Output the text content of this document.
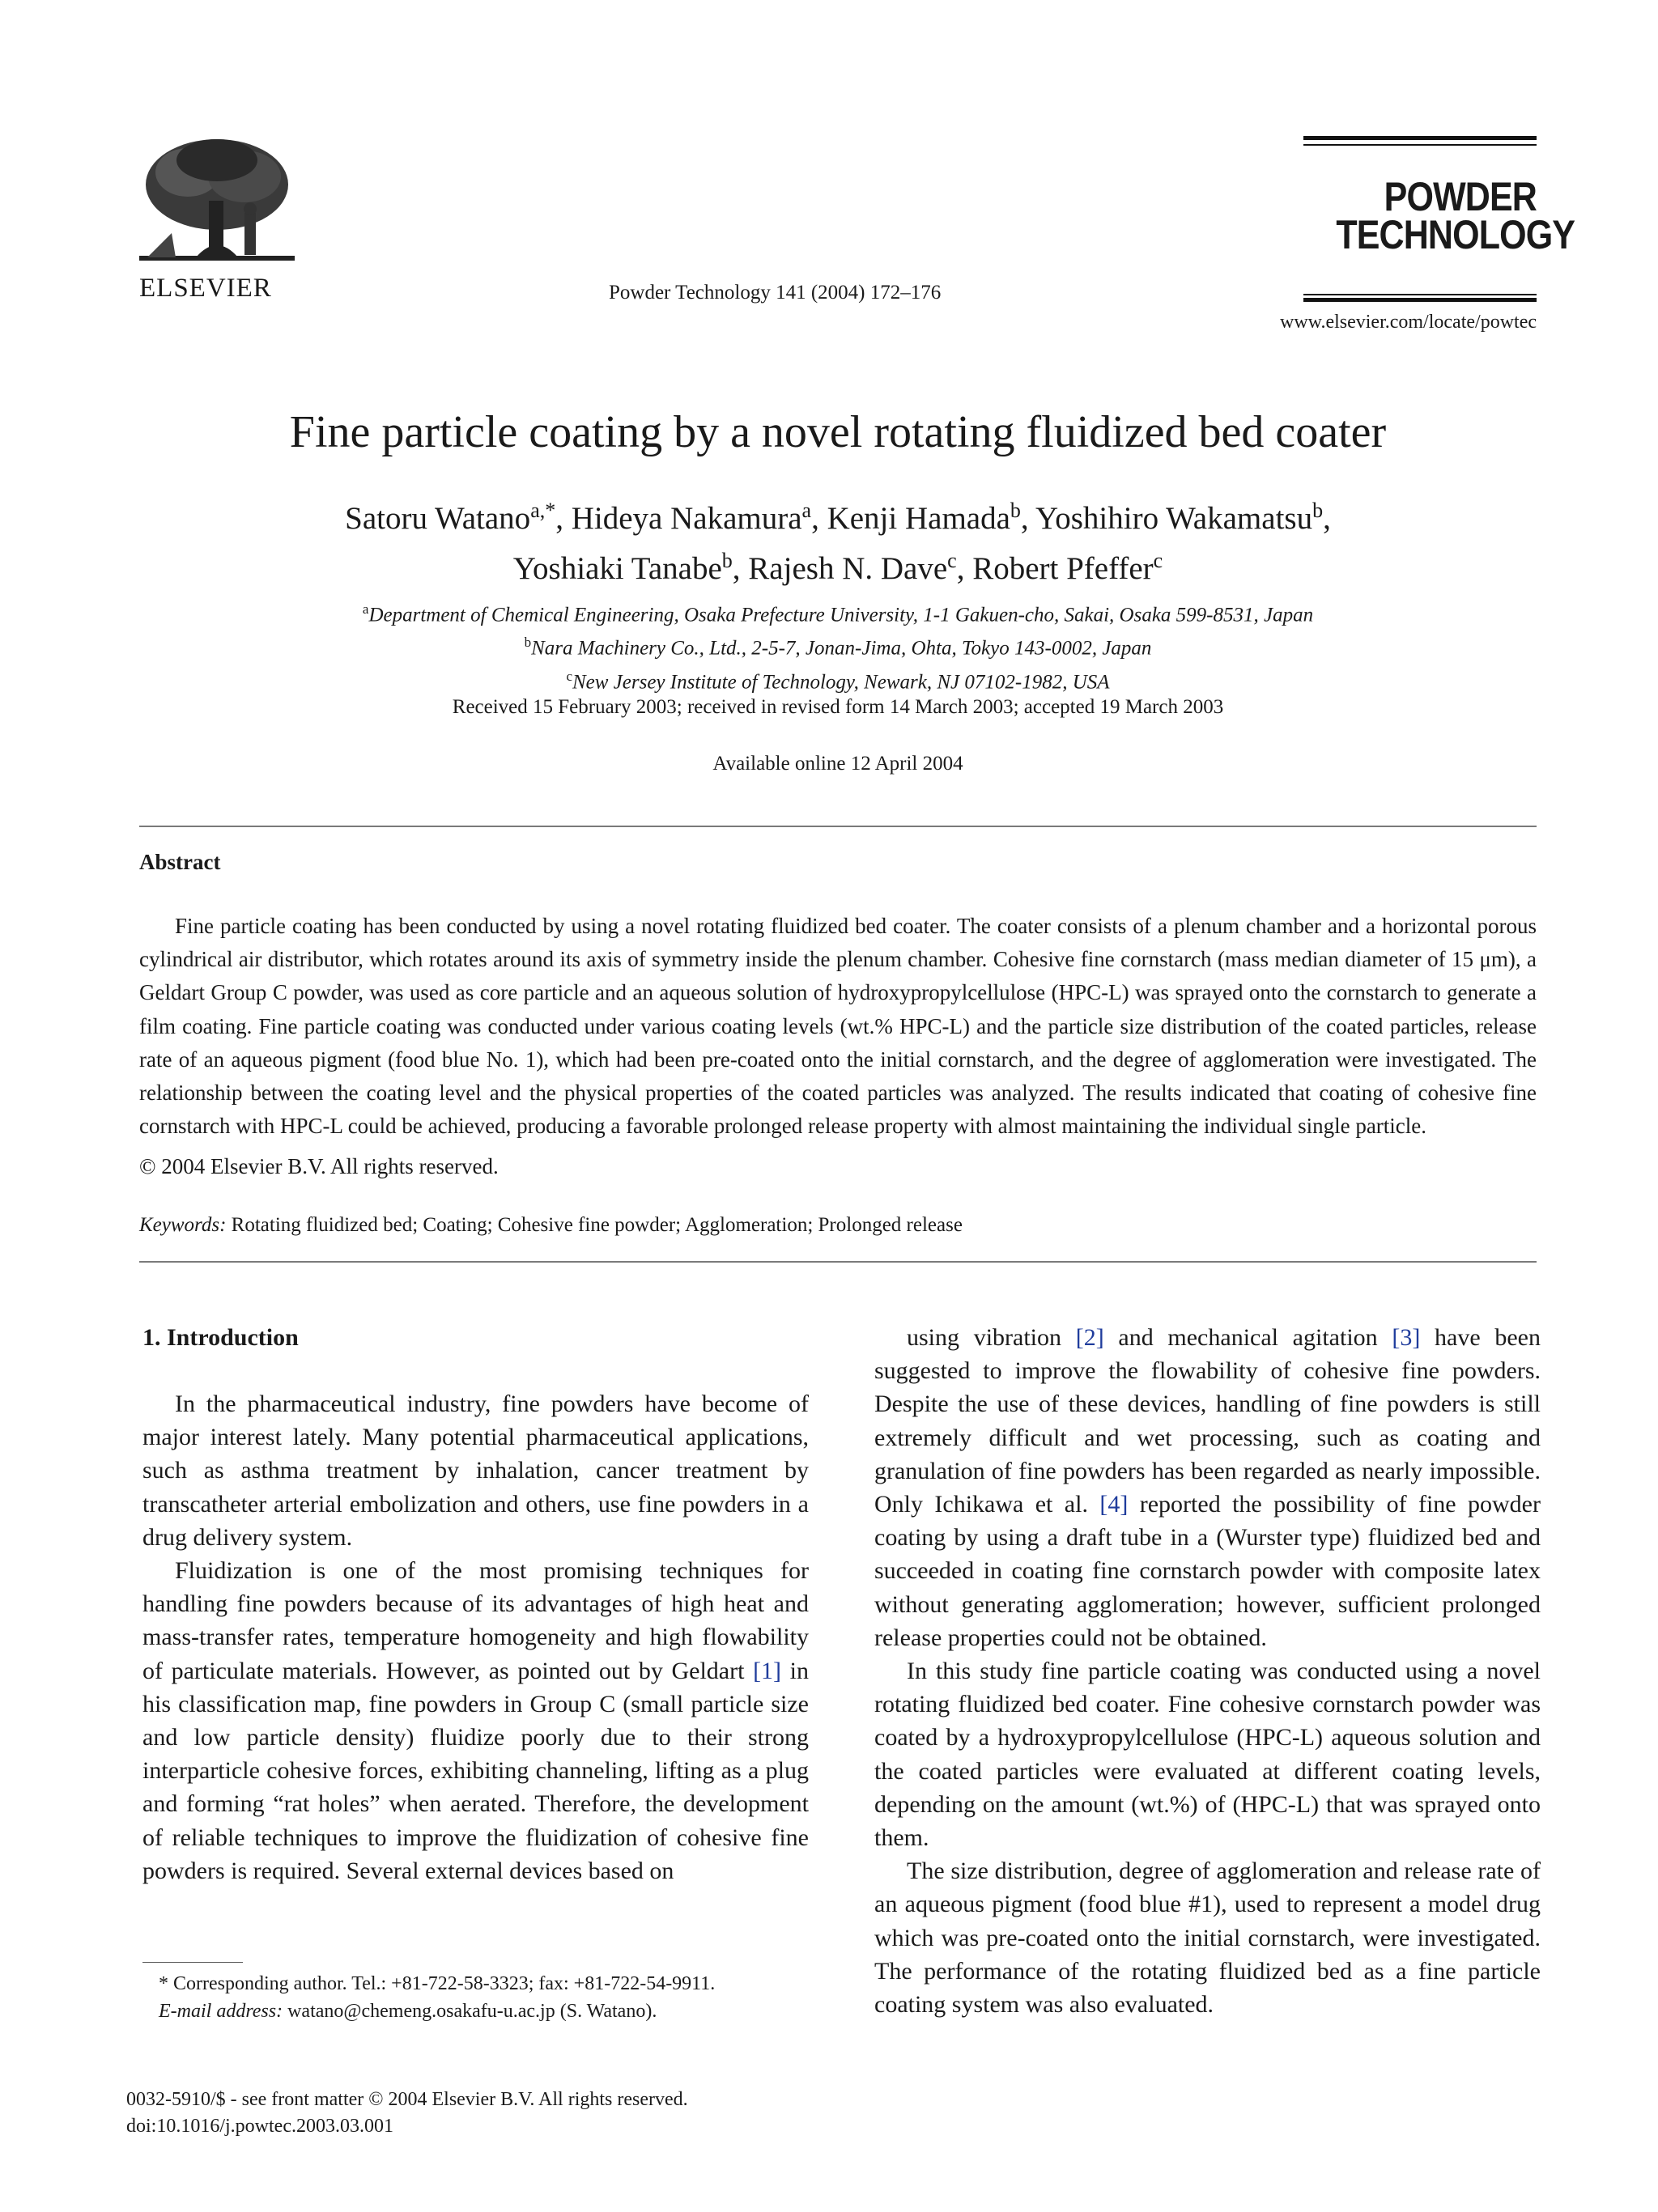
ELSEVIER	Powder Technology 141 (2004) 172–176
POWDER
TECHNOLOGY
www.elsevier.com/locate/powtec
Fine particle coating by a novel rotating fluidized bed coater
Satoru Watano$^{a,*}$, Hideya Nakamura$^a$, Kenji Hamada$^b$, Yoshihiro Wakamatsu$^b$,
Yoshiaki Tanabe$^b$, Rajesh N. Dave$^c$, Robert Pfeffer$^c$
$^a$Department of Chemical Engineering, Osaka Prefecture University, 1-1 Gakuen-cho, Sakai, Osaka 599-8531, Japan
$^b$Nara Machinery Co., Ltd., 2-5-7, Jonan-Jima, Ohta, Tokyo 143-0002, Japan
$^c$New Jersey Institute of Technology, Newark, NJ 07102-1982, USA
Received 15 February 2003; received in revised form 14 March 2003; accepted 19 March 2003
Available online 12 April 2004
Abstract

Fine particle coating has been conducted by using a novel rotating fluidized bed coater. The coater consists of a plenum chamber and a horizontal porous cylindrical air distributor, which rotates around its axis of symmetry inside the plenum chamber. Cohesive fine cornstarch (mass median diameter of 15 μm), a Geldart Group C powder, was used as core particle and an aqueous solution of hydroxypropylcellulose (HPC-L) was sprayed onto the cornstarch to generate a film coating. Fine particle coating was conducted under various coating levels (wt.% HPC-L) and the particle size distribution of the coated particles, release rate of an aqueous pigment (food blue No. 1), which had been pre-coated onto the initial cornstarch, and the degree of agglomeration were investigated. The relationship between the coating level and the physical properties of the coated particles was analyzed. The results indicated that coating of cohesive fine cornstarch with HPC-L could be achieved, producing a favorable prolonged release property with almost maintaining the individual single particle.

© 2004 Elsevier B.V. All rights reserved.
Keywords: Rotating fluidized bed; Coating; Cohesive fine powder; Agglomeration; Prolonged release
1. Introduction

In the pharmaceutical industry, fine powders have become of major interest lately. Many potential pharmaceutical applications, such as asthma treatment by inhalation, cancer treatment by transcatheter arterial embolization and others, use fine powders in a drug delivery system.

Fluidization is one of the most promising techniques for handling fine powders because of its advantages of high heat and mass-transfer rates, temperature homogeneity and high flowability of particulate materials. However, as pointed out by Geldart [1] in his classification map, fine powders in Group C (small particle size and low particle density) fluidize poorly due to their strong interparticle cohesive forces, exhibiting channeling, lifting as a plug and forming “rat holes” when aerated. Therefore, the development of reliable techniques to improve the fluidization of cohesive fine powders is required. Several external devices based on

using vibration [2] and mechanical agitation [3] have been suggested to improve the flowability of cohesive fine powders. Despite the use of these devices, handling of fine powders is still extremely difficult and wet processing, such as coating and granulation of fine powders has been regarded as nearly impossible. Only Ichikawa et al. [4] reported the possibility of fine powder coating by using a draft tube in a (Wurster type) fluidized bed and succeeded in coating fine cornstarch powder with composite latex without generating agglomeration; however, sufficient prolonged release properties could not be obtained.

In this study fine particle coating was conducted using a novel rotating fluidized bed coater. Fine cohesive cornstarch powder was coated by a hydroxypropylcellulose (HPC-L) aqueous solution and the coated particles were evaluated at different coating levels, depending on the amount (wt.%) of (HPC-L) that was sprayed onto them.

The size distribution, degree of agglomeration and release rate of an aqueous pigment (food blue #1), used to represent a model drug which was pre-coated onto the initial cornstarch, were investigated. The performance of the rotating fluidized bed as a fine particle coating system was also evaluated.

* Corresponding author. Tel.: +81-722-58-3323; fax: +81-722-54-9911.

E-mail address: watano@chemeng.osakafu-u.ac.jp (S. Watano).

0032-5910/$ - see front matter © 2004 Elsevier B.V. All rights reserved.
doi:10.1016/j.powtec.2003.03.001
